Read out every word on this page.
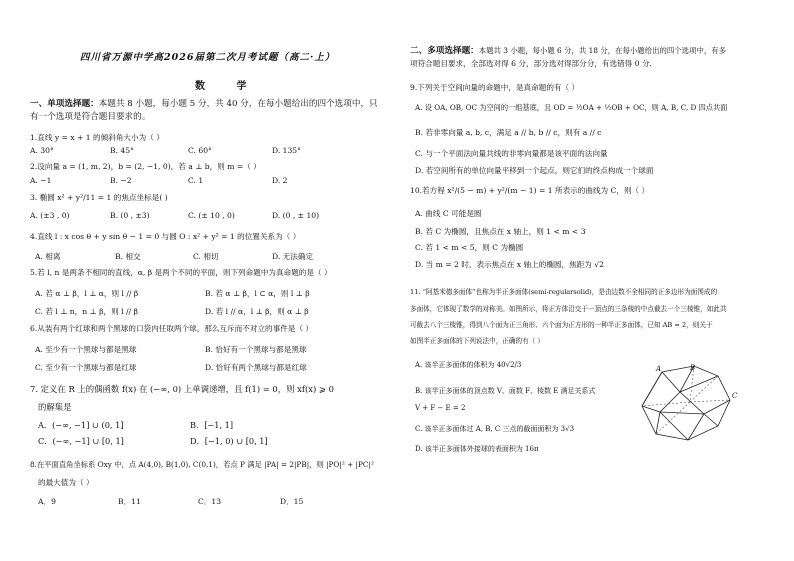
四川省万源中学高2026届第二次月考试题（高二·上）
数 学
一、单项选择题：本题共 8 小题，每小题 5 分，共 40 分，在每小题给出的四个选项中，只
有一个选项是符合题目要求的。
1.直线 y = x + 1 的倾斜角大小为（ ）
A. 30°	B. 45°	C. 60°	D. 135°
2.设向量 a = (1, m, 2)，b = (2, −1, 0)，若 a ⊥ b，则 m =（ ）
A. −1	B. −2	C. 1	D. 2
3. 椭圆 x² + y²/11 = 1 的焦点坐标是( )
A. (±3 , 0)	B. (0 , ±3)	C. (± 10 , 0)	D. (0 , ± 10)
4.直线 l : x cos θ + y sin θ − 1 = 0 与圆 O : x² + y² = 1 的位置关系为（ ）
A. 相离	B. 相交	C. 相切	D. 无法确定
5.若 l, n 是两条不相同的直线，α, β 是两个不同的平面，则下列命题中为真命题的是（ ）
A. 若 α ⊥ β，l ⊥ α，则 l // β	B. 若 α ⊥ β，l ⊂ α，则 l ⊥ β
C. 若 l ⊥ n，n ⊥ β，则 l // β	D. 若 l // α，l ⊥ β，则 α ⊥ β
6.从装有两个红球和两个黑球的口袋内任取两个球，那么互斥而不对立的事件是（ ）
A. 至少有一个黑球与都是黑球	B. 恰好有一个黑球与都是黑球
C. 至少有一个黑球与都是红球	D. 恰好有两个黑球与都是红球
7. 定义在 R 上的偶函数 f(x) 在 (−∞, 0) 上单调递增，且 f(1) = 0，则 xf(x) ⩾ 0
的解集是
A．(−∞, −1] ∪ (0, 1]	B．[−1, 1]
C．(−∞, −1] ∪ [0, 1]	D．[−1, 0) ∪ [0, 1]
8.在平面直角坐标系 Oxy 中，点 A(4,0), B(1,0), C(0,1)，若点 P 满足 |PA| = 2|PB|，则 |PO|² + |PC|²
的最大值为（ ）
A．9	B．11	C．13	D．15
二、多项选择题：本题共 3 小题，每小题 6 分，共 18 分，在每小题给出的四个选项中，有多
项符合题目要求，全部选对得 6 分，部分选对得部分分，有选错得 0 分.
9.下列关于空间向量的命题中，是真命题的有（ ）
A. 设 OA, OB, OC 为空间的一组基底，且 OD = ½OA + ½OB + OC，则 A, B, C, D 四点共面
B. 若非零向量 a, b, c，满足 a // b, b // c，则有 a // c
C. 与一个平面法向量共线的非零向量都是该平面的法向量
D. 若空间所有的单位向量平移到一个起点，则它们的终点构成一个球面
10.若方程 x²/(5 − m) + y²/(m − 1) = 1 所表示的曲线为 C，则（ ）
A. 曲线 C 可能是圆
B. 若 C 为椭圆，且焦点在 x 轴上，则 1 < m < 3
C. 若 1 < m < 5，则 C 为椭圆
D. 当 m = 2 时，表示焦点在 x 轴上的椭圆，焦距为 √2
11. “阿基米德多面体”也称为半正多面体(semi-regularsolid)，是由边数不全相同的正多边形为面围成的
多面体，它体现了数学的对称美。如图所示，将正方体沿交于一顶点的三条棱的中点截去一个三棱锥，如此共
可截去八个三棱锥，得到八个面为正三角形、六个面为正方形的一种半正多面体，已知 AB = 2，则关于
如图半正多面体的下列说法中，正确的有（ ）
A. 该半正多面体的体积为 40√2/3
B. 该半正多面体的顶点数 V、面数 F、棱数 E 满足关系式
V + F − E = 2
C. 该半正多面体过 A, B, C 三点的截面面积为 3√3
D. 该半正多面体外接球的表面积为 16π
A	B
C
